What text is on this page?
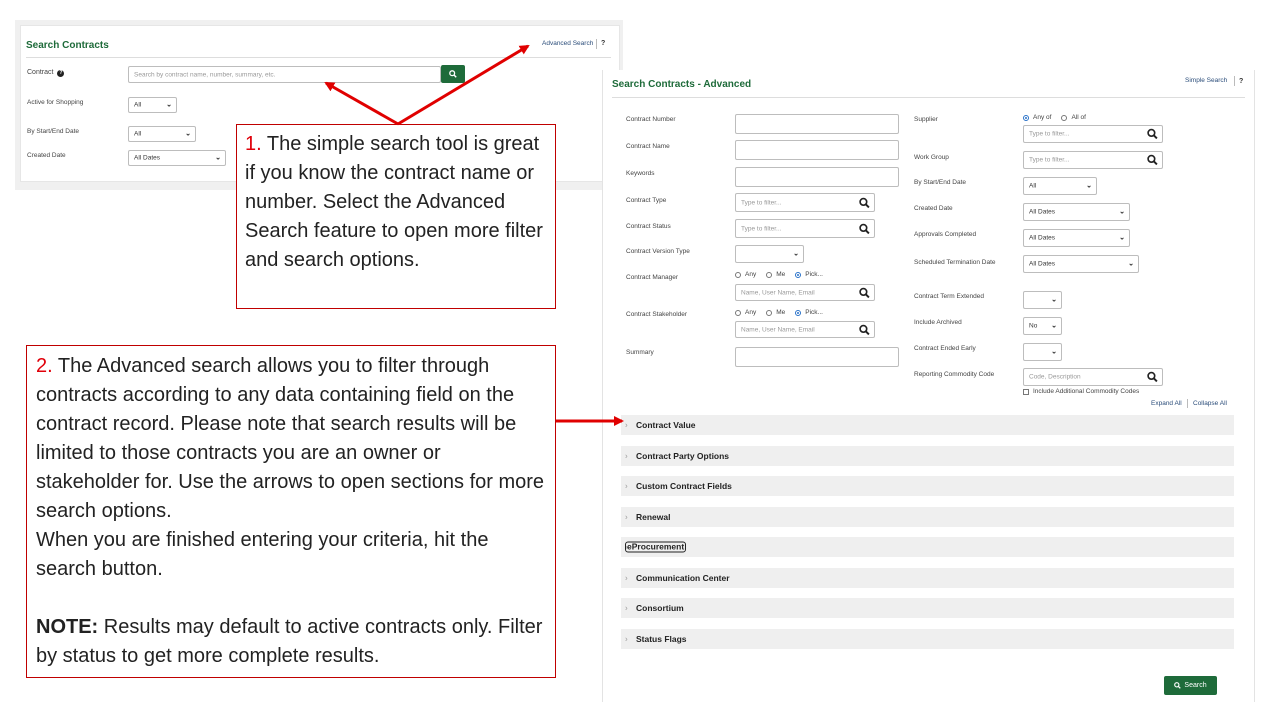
Search Contracts	Advanced Search ?
Contract ?	Search by contract name, number, summary, etc.
Active for Shopping	All	⌄
By Start/End Date	All	⌄
Created Date	All Dates	⌄
Search Contracts - Advanced	Simple Search ?
Contract Number
Contract Name
Keywords
Contract Type	Type to filter...
Contract Status	Type to filter...
Contract Version Type	⌄
Contract Manager	Any	Me	Pick...
Name, User Name, Email
Contract Stakeholder	Any	Me	Pick...
Name, User Name, Email
Summary
Supplier	Any of	All of
Type to filter...
Work Group	Type to filter...
By Start/End Date	All	⌄
Created Date	All Dates	⌄
Approvals Completed	All Dates	⌄
Scheduled Termination Date	All Dates	⌄
Contract Term Extended
⌄
Include Archived	No ⌄
Contract Ended Early
⌄
Reporting Commodity Code	Code, Description
Include Additional Commodity Codes
Expand All Collapse All
› Contract Value
› Contract Party Options
› Custom Contract Fields
› Renewal
› eProcurement
› Communication Center
› Consortium
› Status Flags
Search
1. The simple search tool is great if you know the contract name or number. Select the Advanced Search feature to open more filter and search options.
2. The Advanced search allows you to filter through contracts according to any data containing field on the contract record. Please note that search results will be limited to those contracts you are an owner or stakeholder for. Use the arrows to open sections for more search options.
When you are finished entering your criteria, hit the search button.
NOTE: Results may default to active contracts only. Filter by status to get more complete results.
